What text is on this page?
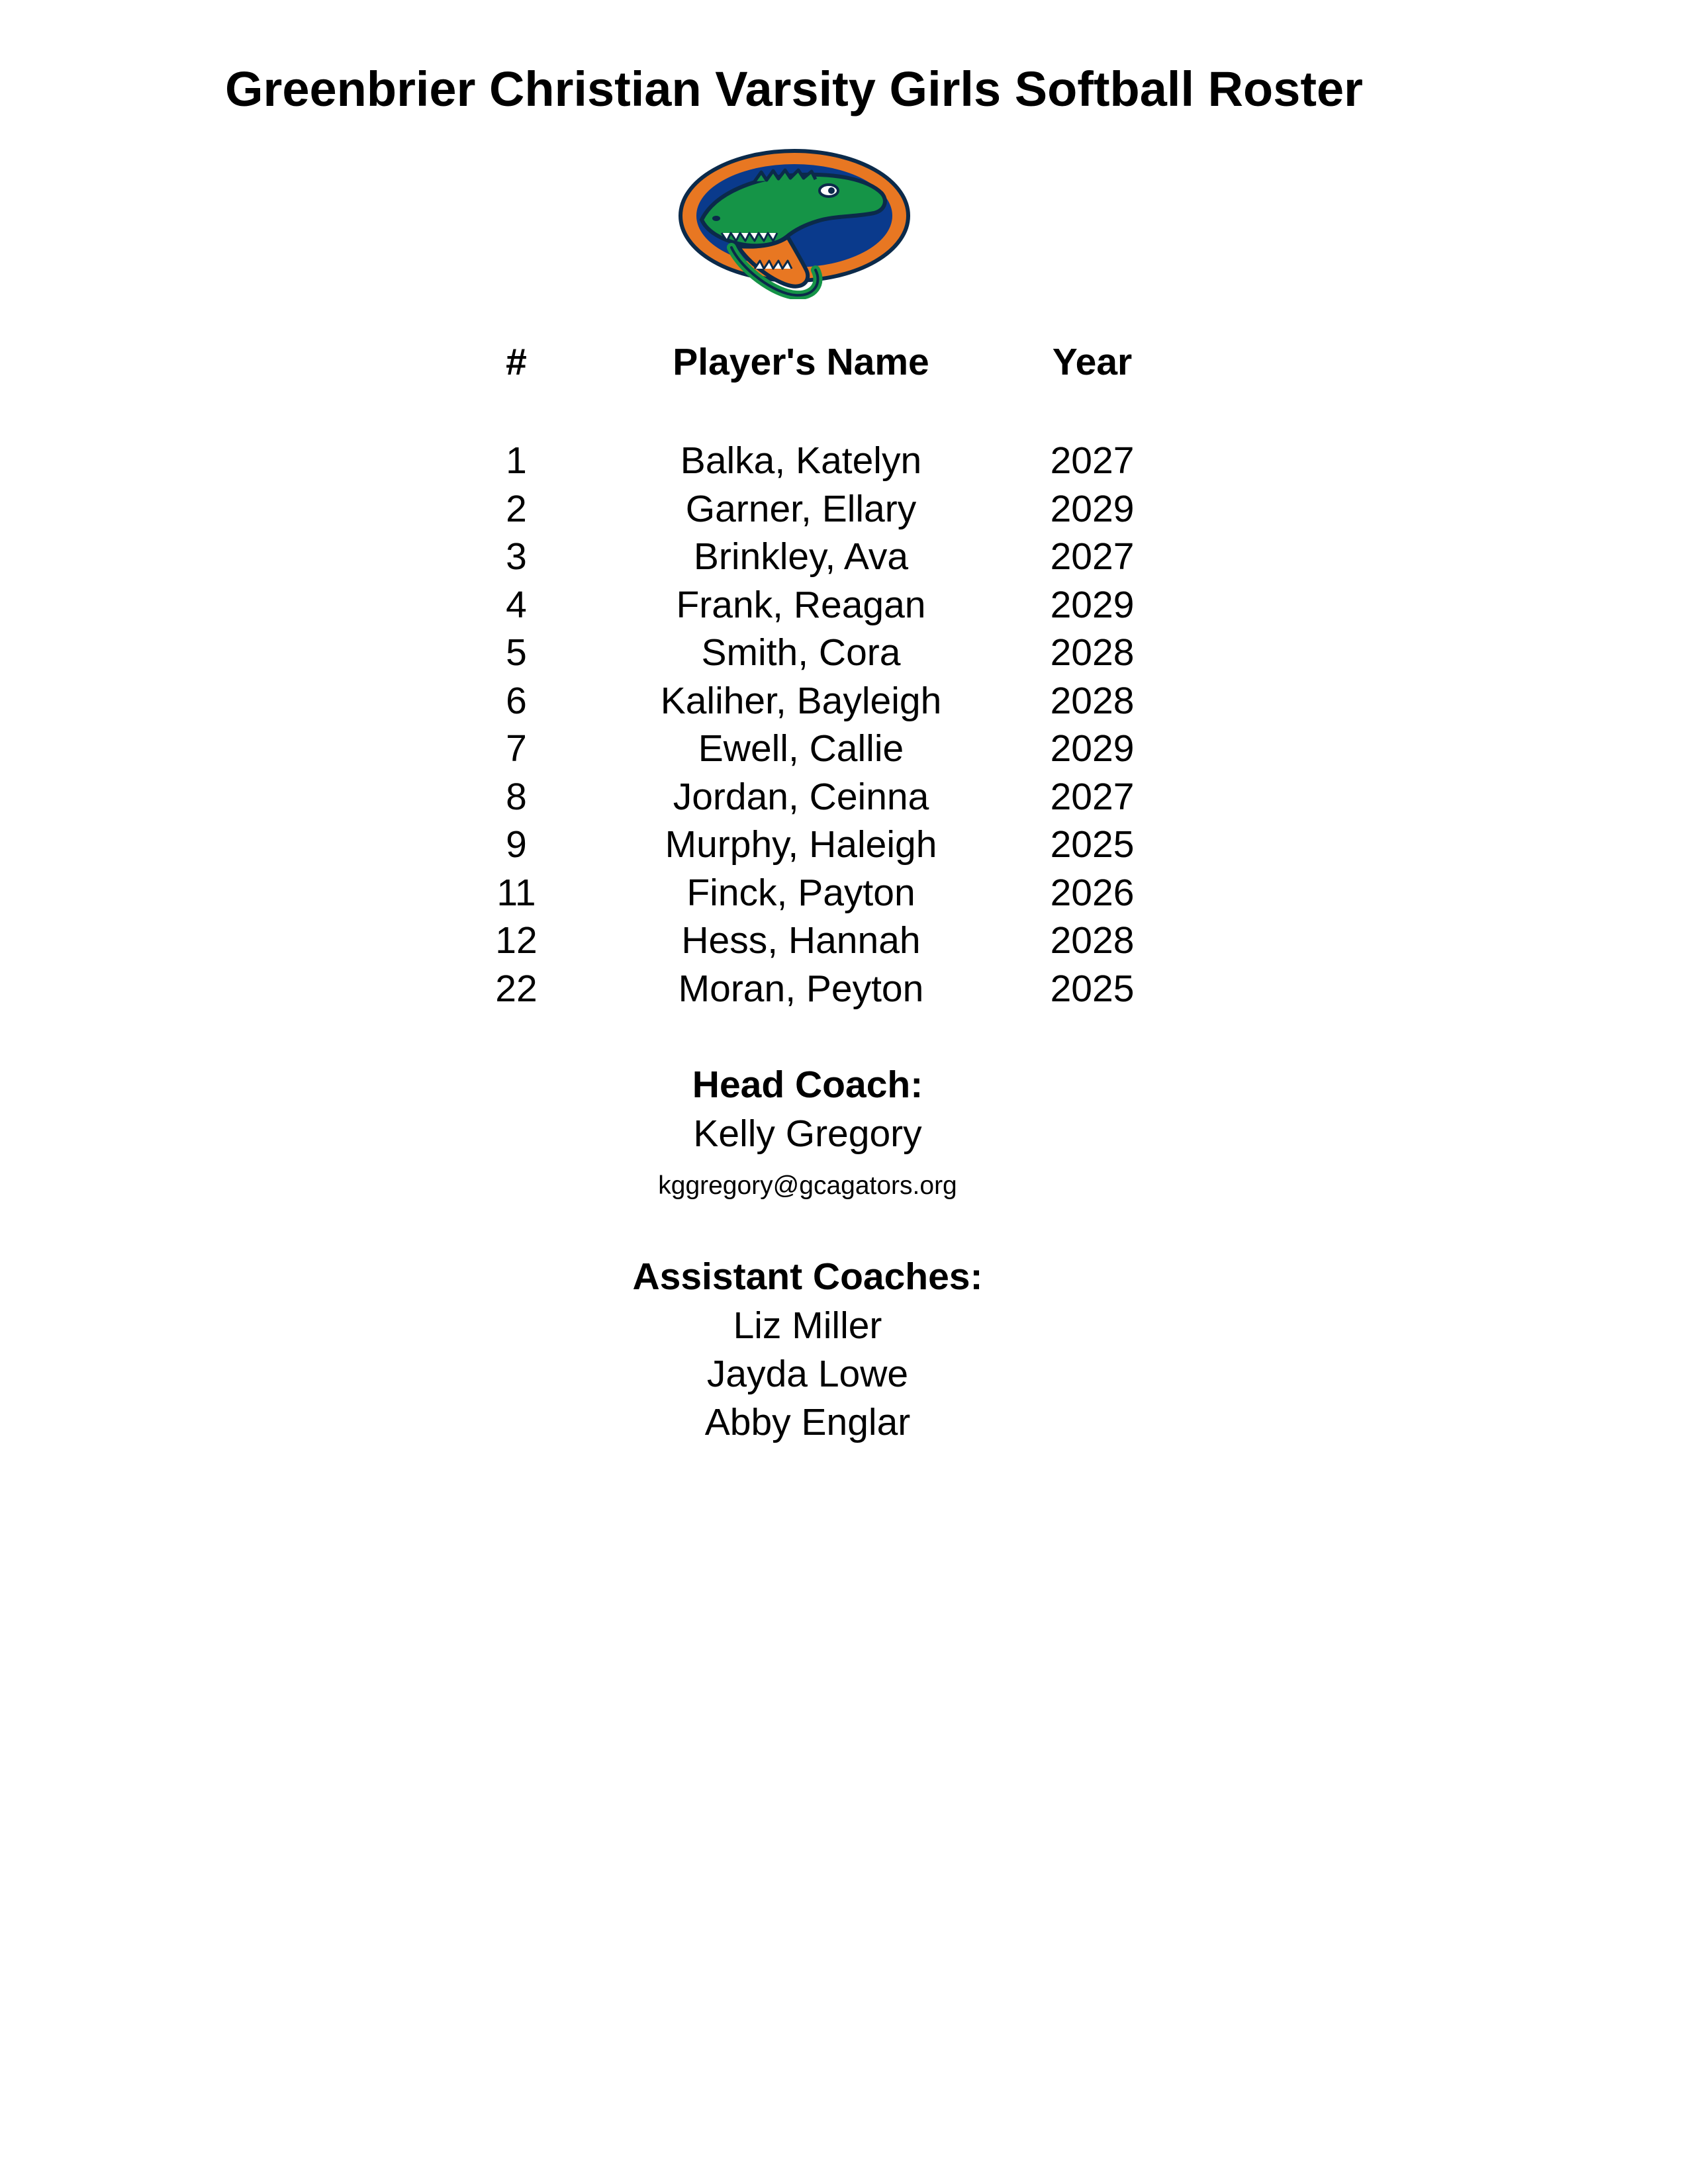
Greenbrier Christian Varsity Girls Softball Roster
#	Player's Name	Year
1	Balka, Katelyn	2027
2	Garner, Ellary	2029
3	Brinkley, Ava	2027
4	Frank, Reagan	2029
5	Smith, Cora	2028
6	Kaliher, Bayleigh	2028
7	Ewell, Callie	2029
8	Jordan, Ceinna	2027
9	Murphy, Haleigh	2025
11	Finck, Payton	2026
12	Hess, Hannah	2028
22	Moran, Peyton	2025
Head Coach:
Kelly Gregory
kggregory@gcagators.org
Assistant Coaches:
Liz Miller
Jayda Lowe
Abby Englar
